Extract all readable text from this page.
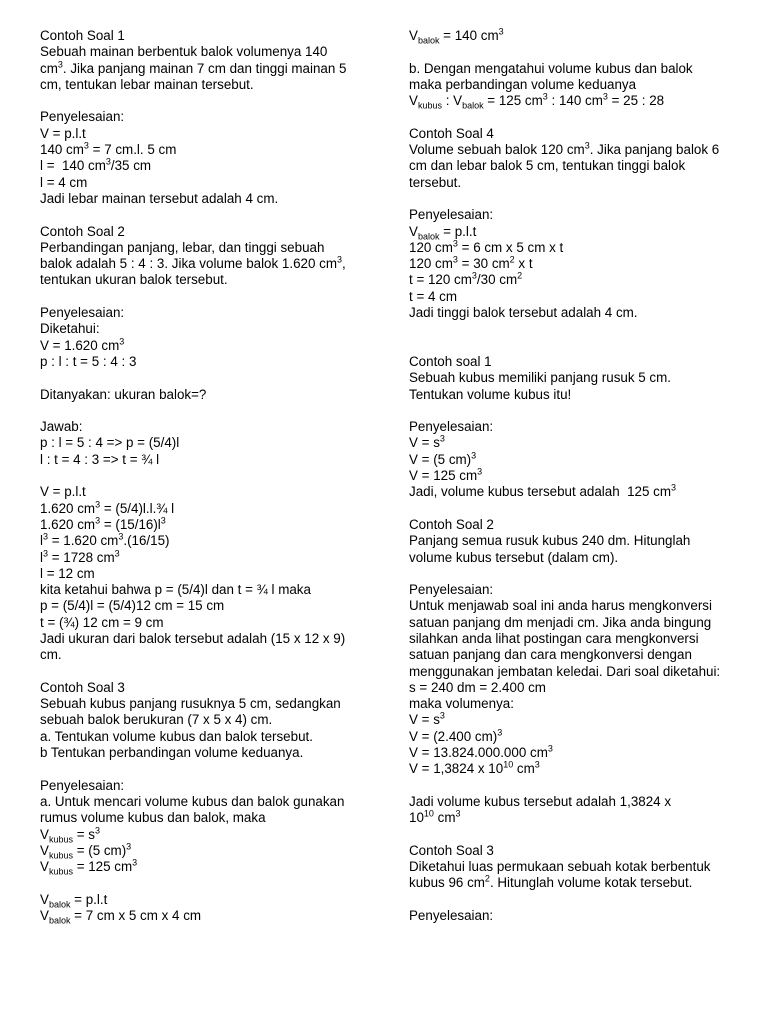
Contoh Soal 1
Sebuah mainan berbentuk balok volumenya 140
$cm^3$. Jika panjang mainan 7 cm dan tinggi mainan 5
cm, tentukan lebar mainan tersebut.

Penyelesaian:
V = p.l.t
140 $cm^3 = 7$ cm.l. 5 cm
l =  140 $cm^3/35$ cm
l = 4 cm
Jadi lebar mainan tersebut adalah 4 cm.

Contoh Soal 2
Perbandingan panjang, lebar, dan tinggi sebuah
balok adalah 5 : 4 : 3. Jika volume balok 1.620 $cm^3$,
tentukan ukuran balok tersebut.

Penyelesaian:
Diketahui:
V = 1.620 $cm^3$
p : l : t = 5 : 4 : 3

Ditanyakan: ukuran balok=?

Jawab:
p : l = 5 : 4 => p = (5/4)l
l : t = 4 : 3 => t = ¾ l

V = p.l.t
1.620 $cm^3$ = (5/4)l.l.¾ l
1.620 $cm^3 = (15/16)l^3$
$l^3 = 1.620$ $cm^3.(16/15)$
$l^3 = 1728$ $cm^3$
l = 12 cm
kita ketahui bahwa p = (5/4)l dan t = ¾ l maka
p = (5/4)l = (5/4)12 cm = 15 cm
t = (¾) 12 cm = 9 cm
Jadi ukuran dari balok tersebut adalah (15 x 12 x 9)
cm.

Contoh Soal 3
Sebuah kubus panjang rusuknya 5 cm, sedangkan
sebuah balok berukuran (7 x 5 x 4) cm.
a. Tentukan volume kubus dan balok tersebut.
b Tentukan perbandingan volume keduanya.

Penyelesaian:
a. Untuk mencari volume kubus dan balok gunakan
rumus volume kubus dan balok, maka
$V_{kubus} = s^3$
$V_{kubus} = (5$ cm)$^3$
$V_{kubus} = 125$ $cm^3$

$V_{balok} = p.l.t$
$V_{balok} = 7$ cm x 5 cm x 4 cm
$V_{balok} = 140$ $cm^3$

b. Dengan mengatahui volume kubus dan balok
maka perbandingan volume keduanya
$V_{kubus}$ : $V_{balok} = 125$ $cm^3$ : 140 $cm^3 = 25$ : 28

Contoh Soal 4
Volume sebuah balok 120 $cm^3$. Jika panjang balok 6
cm dan lebar balok 5 cm, tentukan tinggi balok
tersebut.

Penyelesaian:
$V_{balok} = p.l.t$
120 $cm^3 = 6$ cm x 5 cm x t
120 $cm^3 = 30$ $cm^2$ x t
t = 120 $cm^3/30$ $cm^2$
t = 4 cm
Jadi tinggi balok tersebut adalah 4 cm.

Contoh soal 1
Sebuah kubus memiliki panjang rusuk 5 cm.
Tentukan volume kubus itu!

Penyelesaian:
$V = s^3$
V = (5 cm)$^3$
V = 125 $cm^3$
Jadi, volume kubus tersebut adalah  125 $cm^3$

Contoh Soal 2
Panjang semua rusuk kubus 240 dm. Hitunglah
volume kubus tersebut (dalam cm).

Penyelesaian:
Untuk menjawab soal ini anda harus mengkonversi
satuan panjang dm menjadi cm. Jika anda bingung
silahkan anda lihat postingan cara mengkonversi
satuan panjang dan cara mengkonversi dengan
menggunakan jembatan keledai. Dari soal diketahui:
s = 240 dm = 2.400 cm
maka volumenya:
$V = s^3$
V = (2.400 cm)$^3$
V = 13.824.000.000 $cm^3$
V = 1,3824 x $10^{10}$ $cm^3$

Jadi volume kubus tersebut adalah 1,3824 x
$10^{10}$ $cm^3$

Contoh Soal 3
Diketahui luas permukaan sebuah kotak berbentuk
kubus 96 $cm^2$. Hitunglah volume kotak tersebut.

Penyelesaian:
